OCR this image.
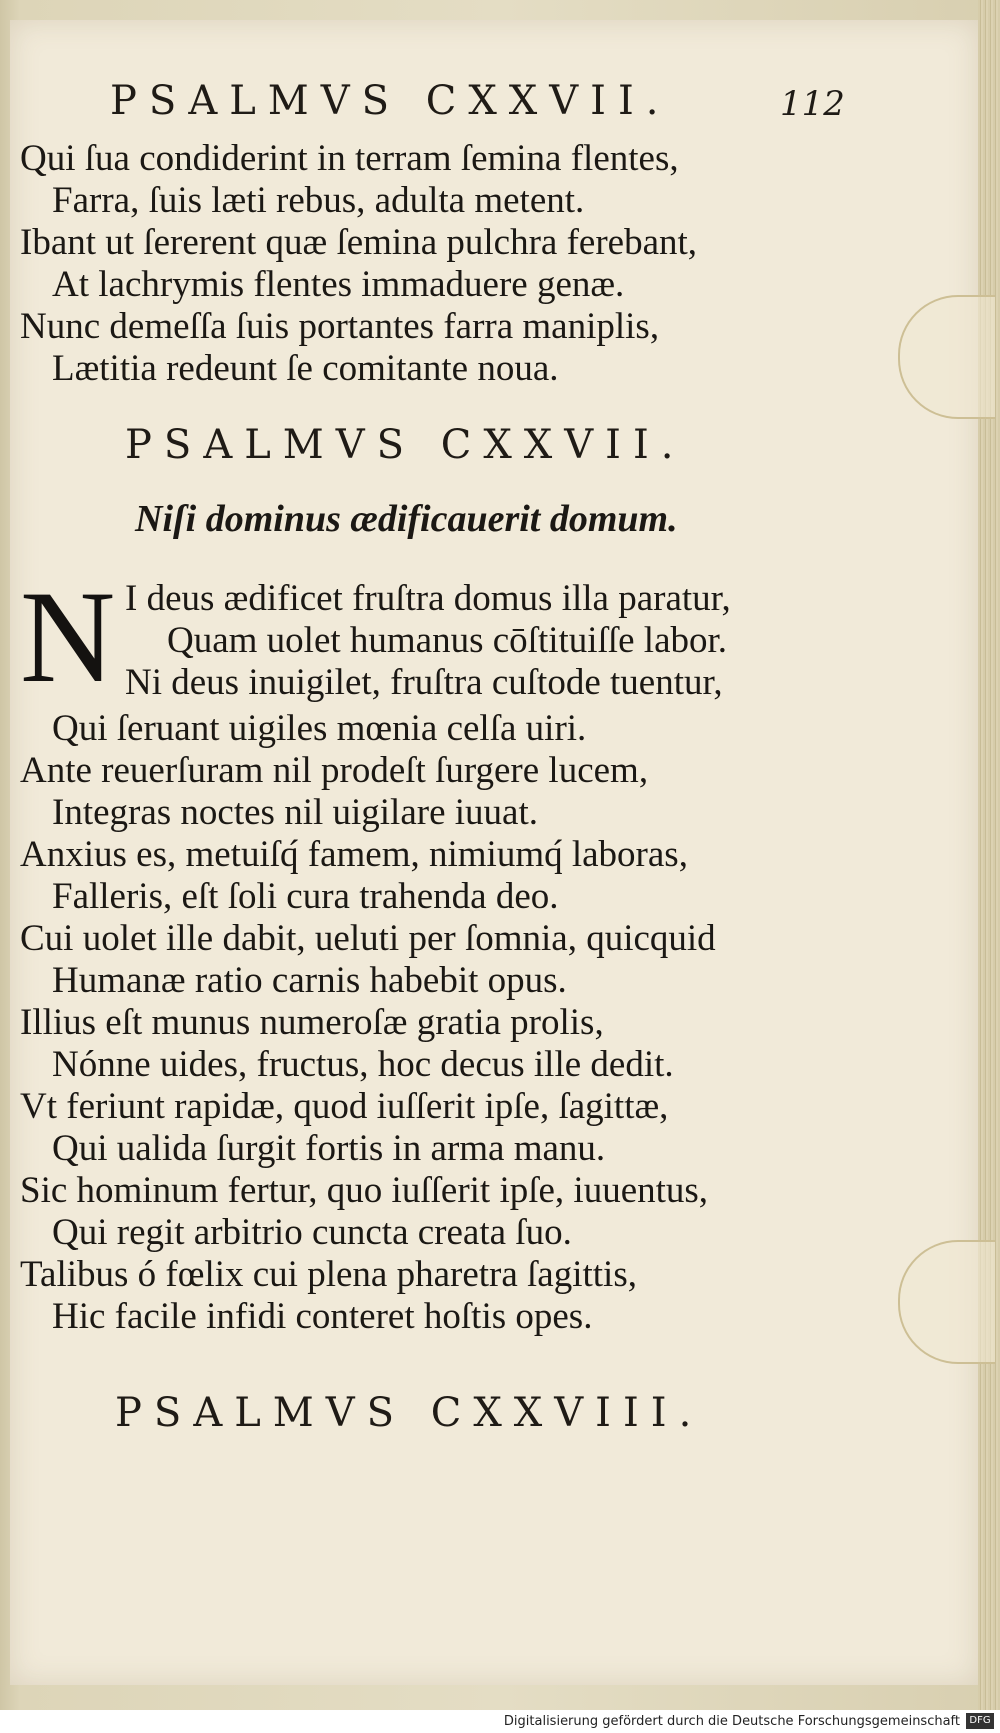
PSALMVS CXXVII.	112
Qui ſua condiderint in terram ſemina flentes,
Farra, ſuis læti rebus, adulta metent.
Ibant ut ſererent quæ ſemina pulchra ferebant,
At lachrymis flentes immaduere genæ.
Nunc demeſſa ſuis portantes farra maniplis,
Lætitia redeunt ſe comitante noua.
PSALMVS CXXVII.
Niſi dominus ædificauerit domum.
N I deus ædificet fruſtra domus illa paratur,
Quam uolet humanus cōſtituiſſe labor.
Ni deus inuigilet, fruſtra cuſtode tuentur,
Qui ſeruant uigiles mœnia celſa uiri.
Ante reuerſuram nil prodeſt ſurgere lucem,
Integras noctes nil uigilare iuuat.
Anxius es, metuiſq́ famem, nimiumq́ laboras,
Falleris, eſt ſoli cura trahenda deo.
Cui uolet ille dabit, ueluti per ſomnia, quicquid
Humanæ ratio carnis habebit opus.
Illius eſt munus numeroſæ gratia prolis,
Nónne uides, fructus, hoc decus ille dedit.
Vt feriunt rapidæ, quod iuſſerit ipſe, ſagittæ,
Qui ualida ſurgit fortis in arma manu.
Sic hominum fertur, quo iuſſerit ipſe, iuuentus,
Qui regit arbitrio cuncta creata ſuo.
Talibus ó fœlix cui plena pharetra ſagittis,
Hic facile infidi conteret hoſtis opes.
PSALMVS CXXVIII.
Digitalisierung gefördert durch die Deutsche Forschungsgemeinschaft DFG
